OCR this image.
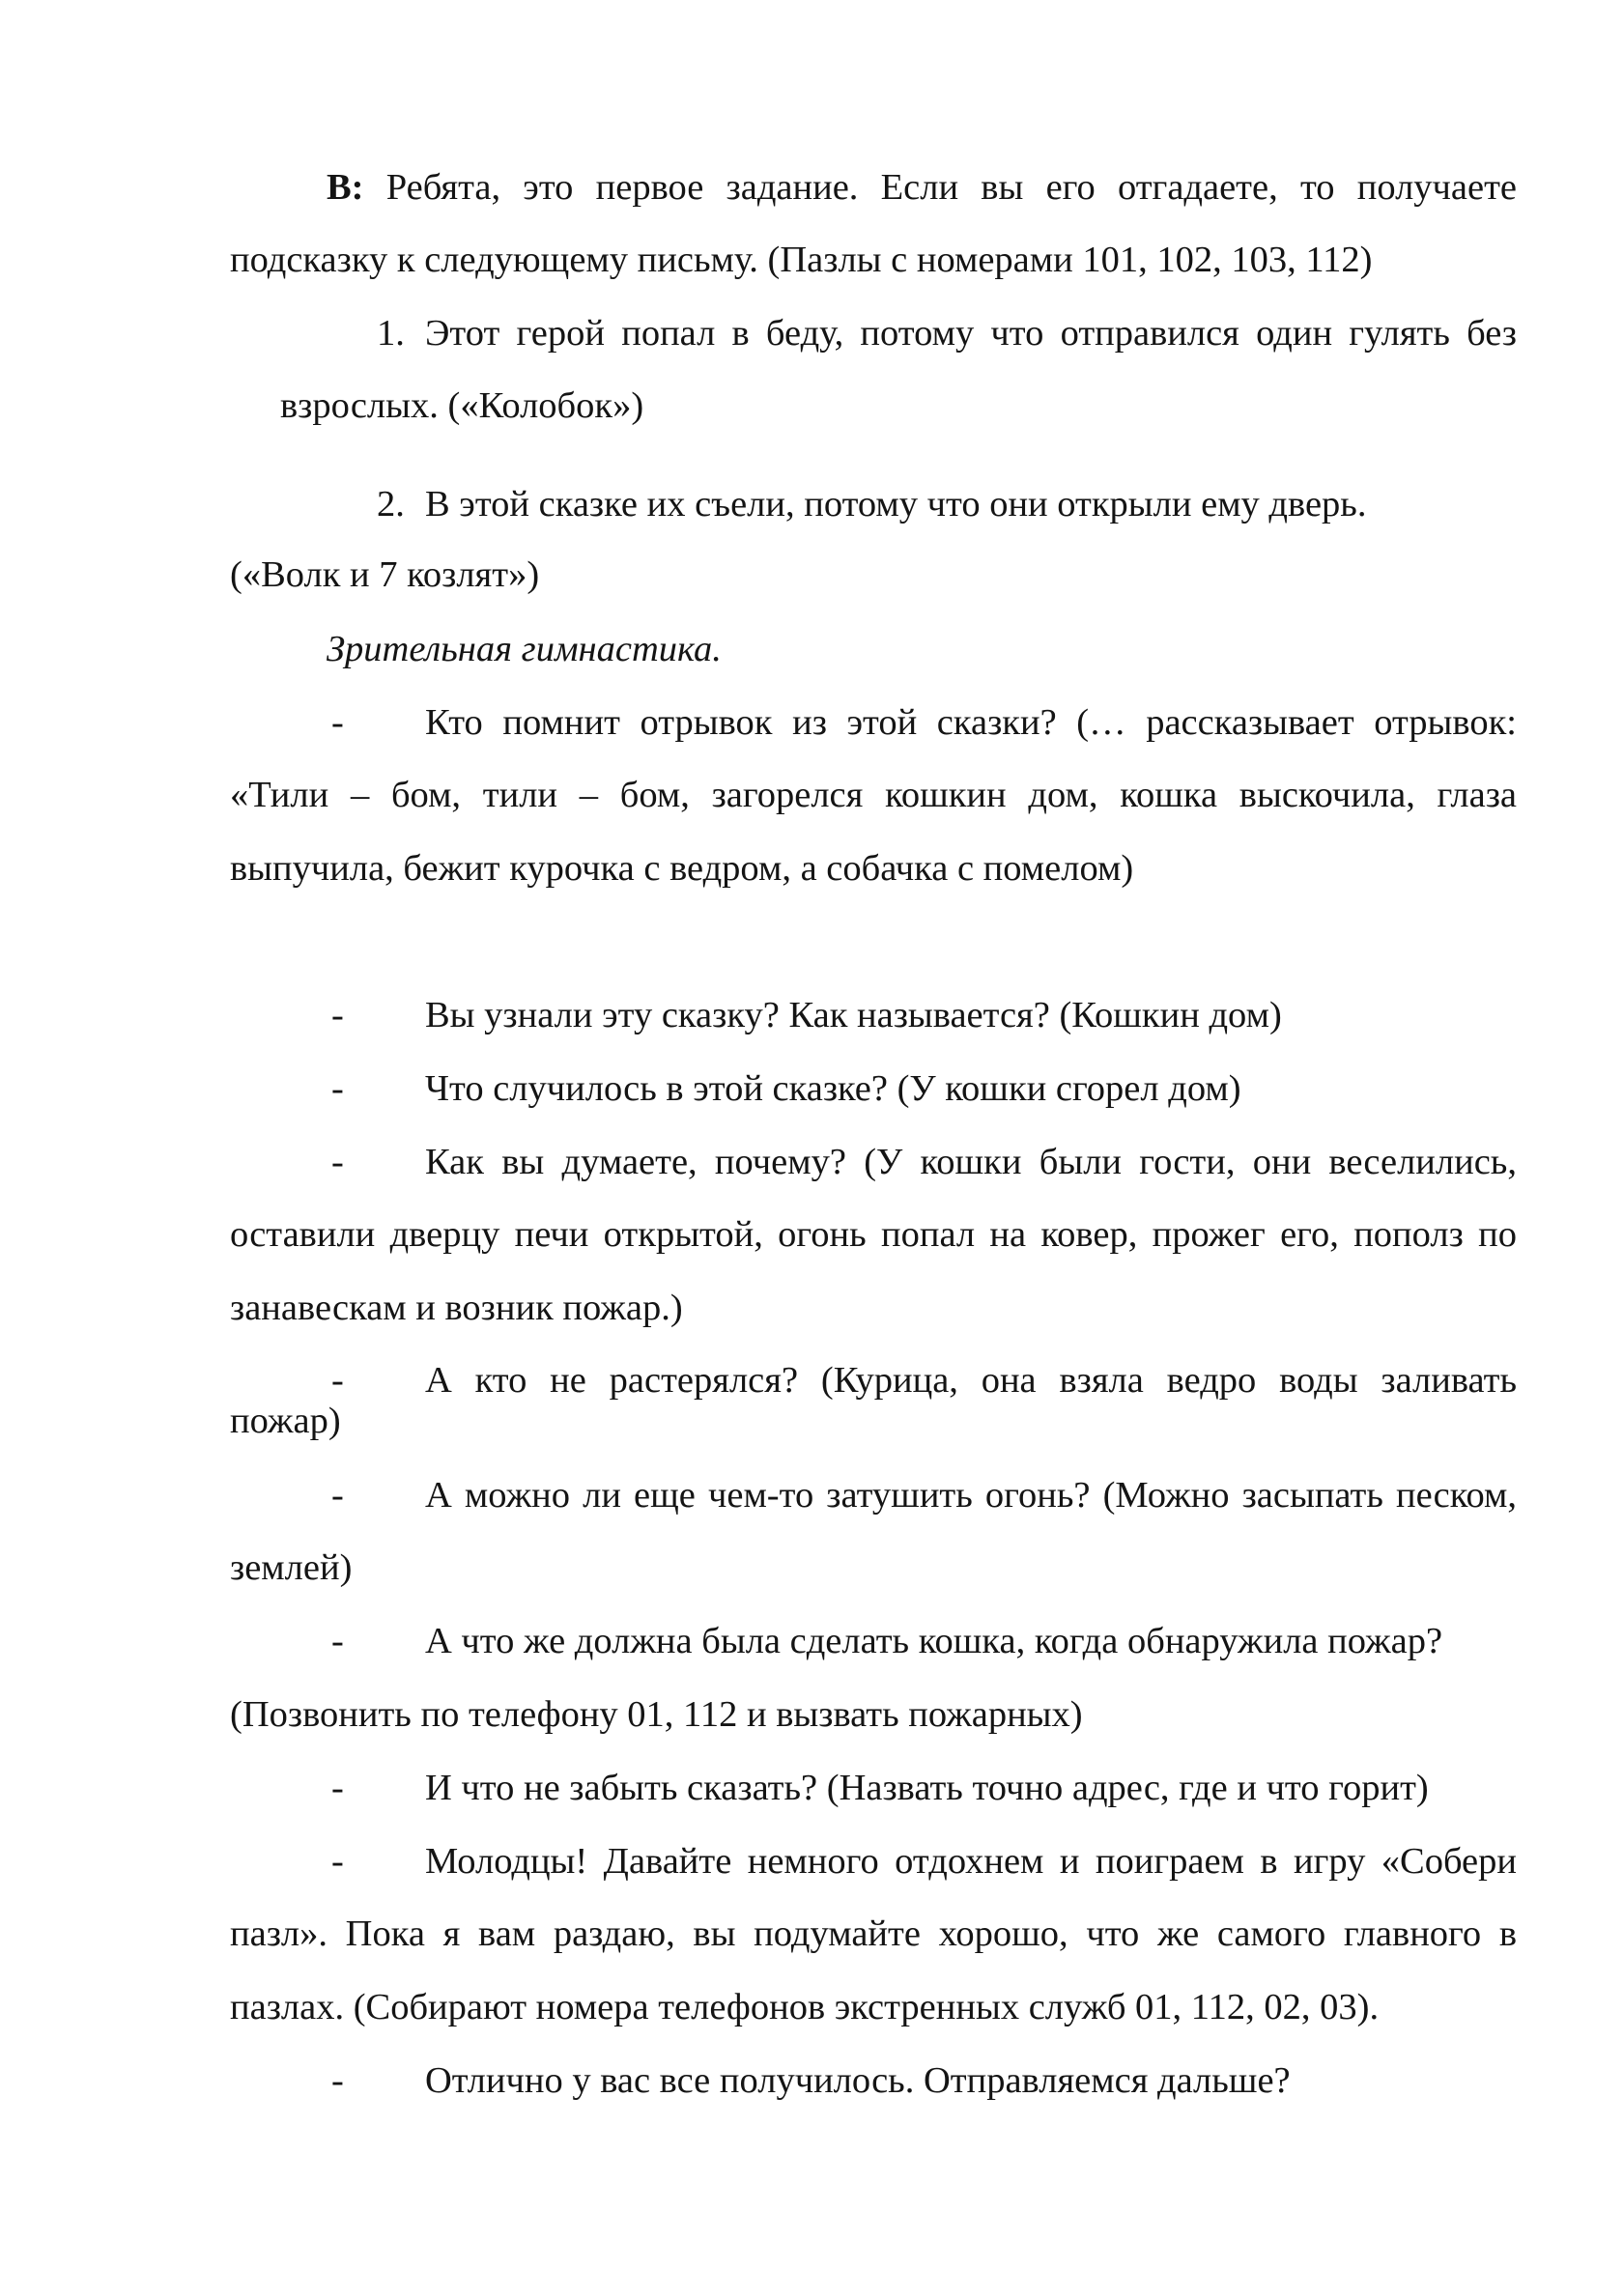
В: Ребята, это первое задание. Если вы его отгадаете, то получаете
подсказку к следующему письму. (Пазлы с номерами 101, 102, 103, 112)
1. Этот герой попал в беду, потому что отправился один гулять без
взрослых. («Колобок»)
2. В этой сказке их съели, потому что они открыли ему дверь.
(«Волк и 7 козлят»)
Зрительная гимнастика.
- Кто помнит отрывок из этой сказки? (… рассказывает отрывок:
«Тили – бом, тили – бом, загорелся кошкин дом, кошка выскочила, глаза
выпучила, бежит курочка с ведром, а собачка с помелом)
- Вы узнали эту сказку? Как называется? (Кошкин дом)
- Что случилось в этой сказке? (У кошки сгорел дом)
- Как вы думаете, почему? (У кошки были гости, они веселились,
оставили дверцу печи открытой, огонь попал на ковер, прожег его, пополз по
занавескам и возник пожар.)
- А кто не растерялся? (Курица, она взяла ведро воды заливать
пожар)
- А можно ли еще чем-то затушить огонь? (Можно засыпать песком,
землей)
- А что же должна была сделать кошка, когда обнаружила пожар?
(Позвонить по телефону 01, 112 и вызвать пожарных)
- И что не забыть сказать? (Назвать точно адрес, где и что горит)
- Молодцы! Давайте немного отдохнем и поиграем в игру «Собери
пазл». Пока я вам раздаю, вы подумайте хорошо, что же самого главного в
пазлах. (Собирают номера телефонов экстренных служб 01, 112, 02, 03).
- Отлично у вас все получилось. Отправляемся дальше?
